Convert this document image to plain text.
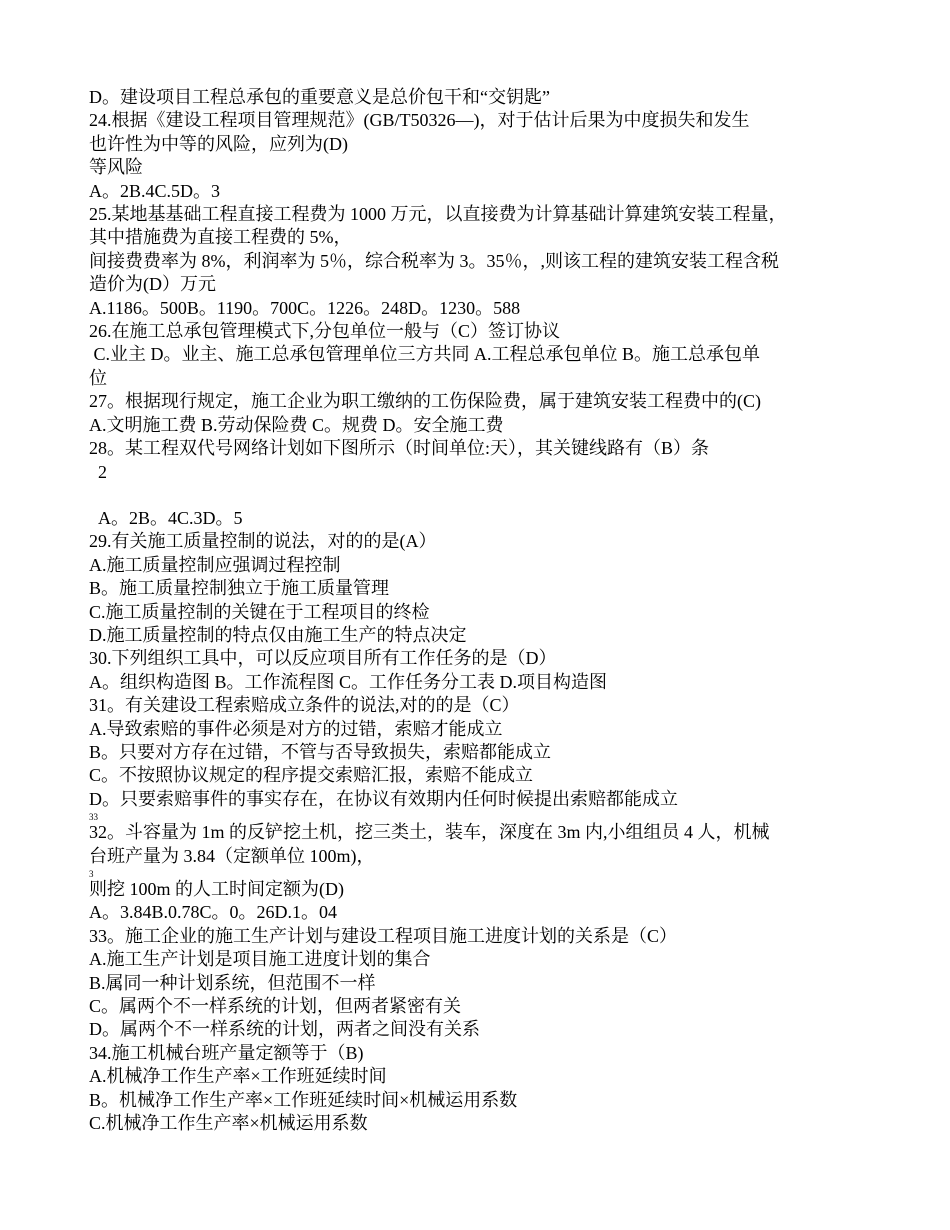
D。建设项目工程总承包的重要意义是总价包干和“交钥匙”
24.根据《建设工程项目管理规范》(GB/T50326—)，对于估计后果为中度损失和发生
也许性为中等的风险，应列为(D)
等风险
A。2B.4C.5D。3
25.某地基基础工程直接工程费为 1000 万元，以直接费为计算基础计算建筑安装工程量，
其中措施费为直接工程费的 5%，
间接费费率为 8%，利润率为 5％，综合税率为 3。35％，,则该工程的建筑安装工程含税
造价为(D）万元
A.1186。500B。1190。700C。1226。248D。1230。588
26.在施工总承包管理模式下,分包单位一般与（C）签订协议
C.业主 D。业主、施工总承包管理单位三方共同 A.工程总承包单位 B。施工总承包单
位
27。根据现行规定，施工企业为职工缴纳的工伤保险费，属于建筑安装工程费中的(C)
A.文明施工费 B.劳动保险费 C。规费 D。安全施工费
28。某工程双代号网络计划如下图所示（时间单位:天），其关键线路有（B）条
2
A。2B。4C.3D。5
29.有关施工质量控制的说法，对的的是(A）
A.施工质量控制应强调过程控制
B。施工质量控制独立于施工质量管理
C.施工质量控制的关键在于工程项目的终检
D.施工质量控制的特点仅由施工生产的特点决定
30.下列组织工具中，可以反应项目所有工作任务的是（D）
A。组织构造图 B。工作流程图 C。工作任务分工表 D.项目构造图
31。有关建设工程索赔成立条件的说法,对的的是（C）
A.导致索赔的事件必须是对方的过错，索赔才能成立
B。只要对方存在过错，不管与否导致损失，索赔都能成立
C。不按照协议规定的程序提交索赔汇报，索赔不能成立
D。只要索赔事件的事实存在，在协议有效期内任何时候提出索赔都能成立
33
32。斗容量为 1m 的反铲挖土机，挖三类土，装车，深度在 3m 内,小组组员 4 人，机械
台班产量为 3.84（定额单位 100m)，
3
则挖 100m 的人工时间定额为(D)
A。3.84B.0.78C。0。26D.1。04
33。施工企业的施工生产计划与建设工程项目施工进度计划的关系是（C）
A.施工生产计划是项目施工进度计划的集合
B.属同一种计划系统，但范围不一样
C。属两个不一样系统的计划，但两者紧密有关
D。属两个不一样系统的计划，两者之间没有关系
34.施工机械台班产量定额等于（B)
A.机械净工作生产率×工作班延续时间
B。机械净工作生产率×工作班延续时间×机械运用系数
C.机械净工作生产率×机械运用系数
